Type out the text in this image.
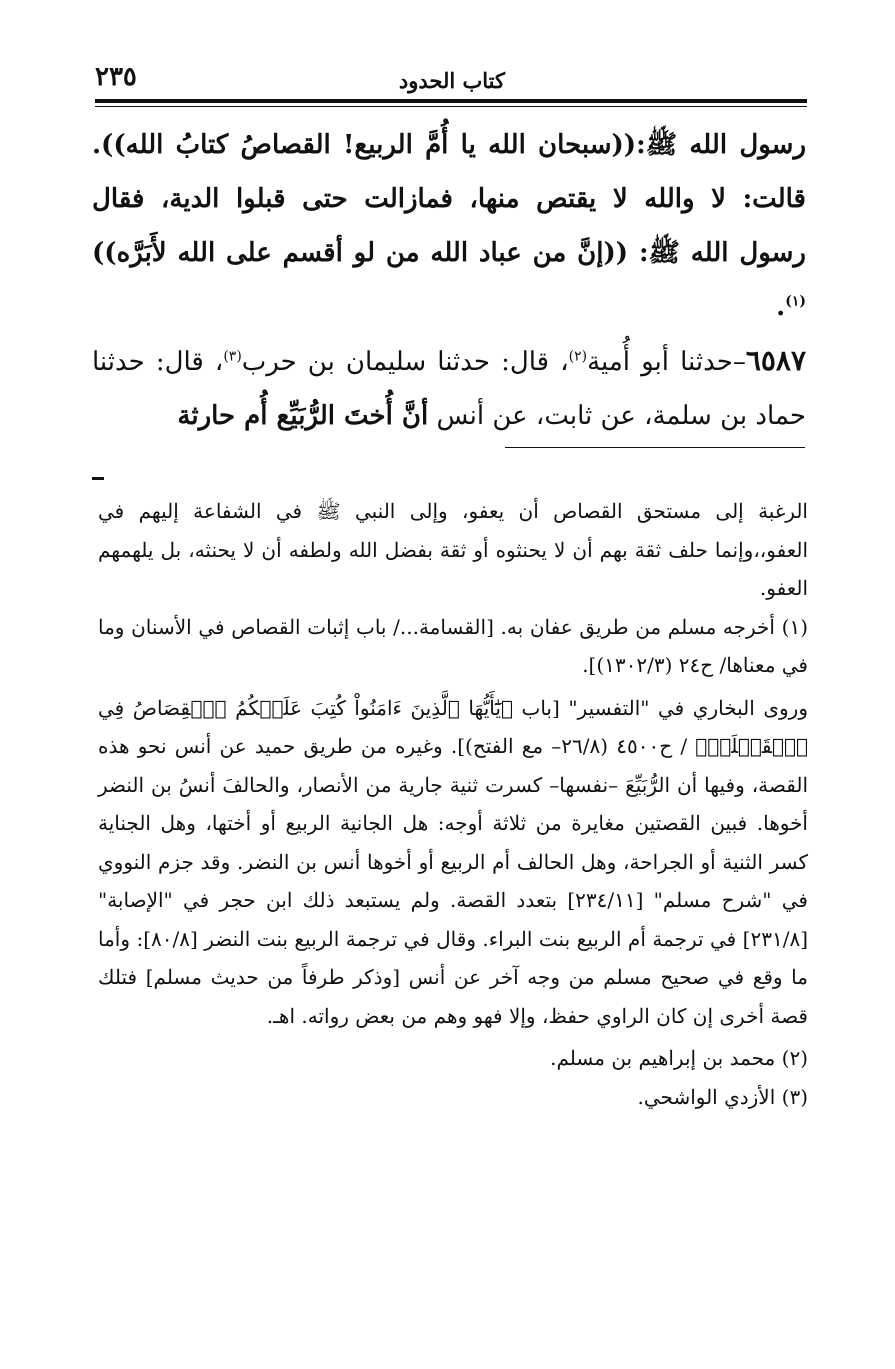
كتاب الحدود
٢٣٥

رسول الله ﷺ:((سبحان الله يا أُمَّ الربيع! القصاصُ كتابُ الله)). قالت: لا والله لا يقتص منها، فمازالت حتى قبلوا الدية، فقال رسول الله ﷺ: ((إنَّ من عباد الله من لو أقسم على الله لأَبَرَّه))$^{(١)}$.

٦٥٨٧–حدثنا أبو أُمية$^{(٢)}$، قال: حدثنا سليمان بن حرب$^{(٣)}$، قال: حدثنا حماد بن سلمة، عن ثابت، عن أنس أنَّ أُختَ الرُّبَيِّع أُم حارثة

الرغبة إلى مستحق القصاص أن يعفو، وإلى النبي ﷺ في الشفاعة إليهم في العفو،،وإنما حلف ثقة بهم أن لا يحنثوه أو ثقة بفضل الله ولطفه أن لا يحنثه، بل يلهمهم العفو.

(١) أخرجه مسلم من طريق عفان به. [القسامة.../ باب إثبات القصاص في الأسنان وما في معناها/ ح٢٤ (١٣٠٢/٣)].

وروى البخاري في "التفسير" [باب ﴿يَٰٓأَيُّهَا ٱلَّذِينَ ءَامَنُواْ كُتِبَ عَلَيۡكُمُ ٱلۡقِصَاصُ فِي ٱلۡقَتۡلَىۖ﴾ / ح٤٥٠٠ (٢٦/٨– مع الفتح)]. وغيره من طريق حميد عن أنس نحو هذه القصة، وفيها أن الرُّبَيِّعَ –نفسها– كسرت ثنية جارية من الأنصار، والحالفَ أنسُ بن النضر أخوها. فبين القصتين مغايرة من ثلاثة أوجه: هل الجانية الربيع أو أختها، وهل الجناية كسر الثنية أو الجراحة، وهل الحالف أم الربيع أو أخوها أنس بن النضر. وقد جزم النووي في "شرح مسلم" [٢٣٤/١١] بتعدد القصة. ولم يستبعد ذلك ابن حجر في "الإصابة" [٢٣١/٨] في ترجمة أم الربيع بنت البراء. وقال في ترجمة الربيع بنت النضر [٨٠/٨]: وأما ما وقع في صحيح مسلم من وجه آخر عن أنس [وذكر طرفاً من حديث مسلم] فتلك قصة أخرى إن كان الراوي حفظ، وإلا فهو وهم من بعض رواته. اهـ.

(٢) محمد بن إبراهيم بن مسلم.

(٣) الأزدي الواشحي.
